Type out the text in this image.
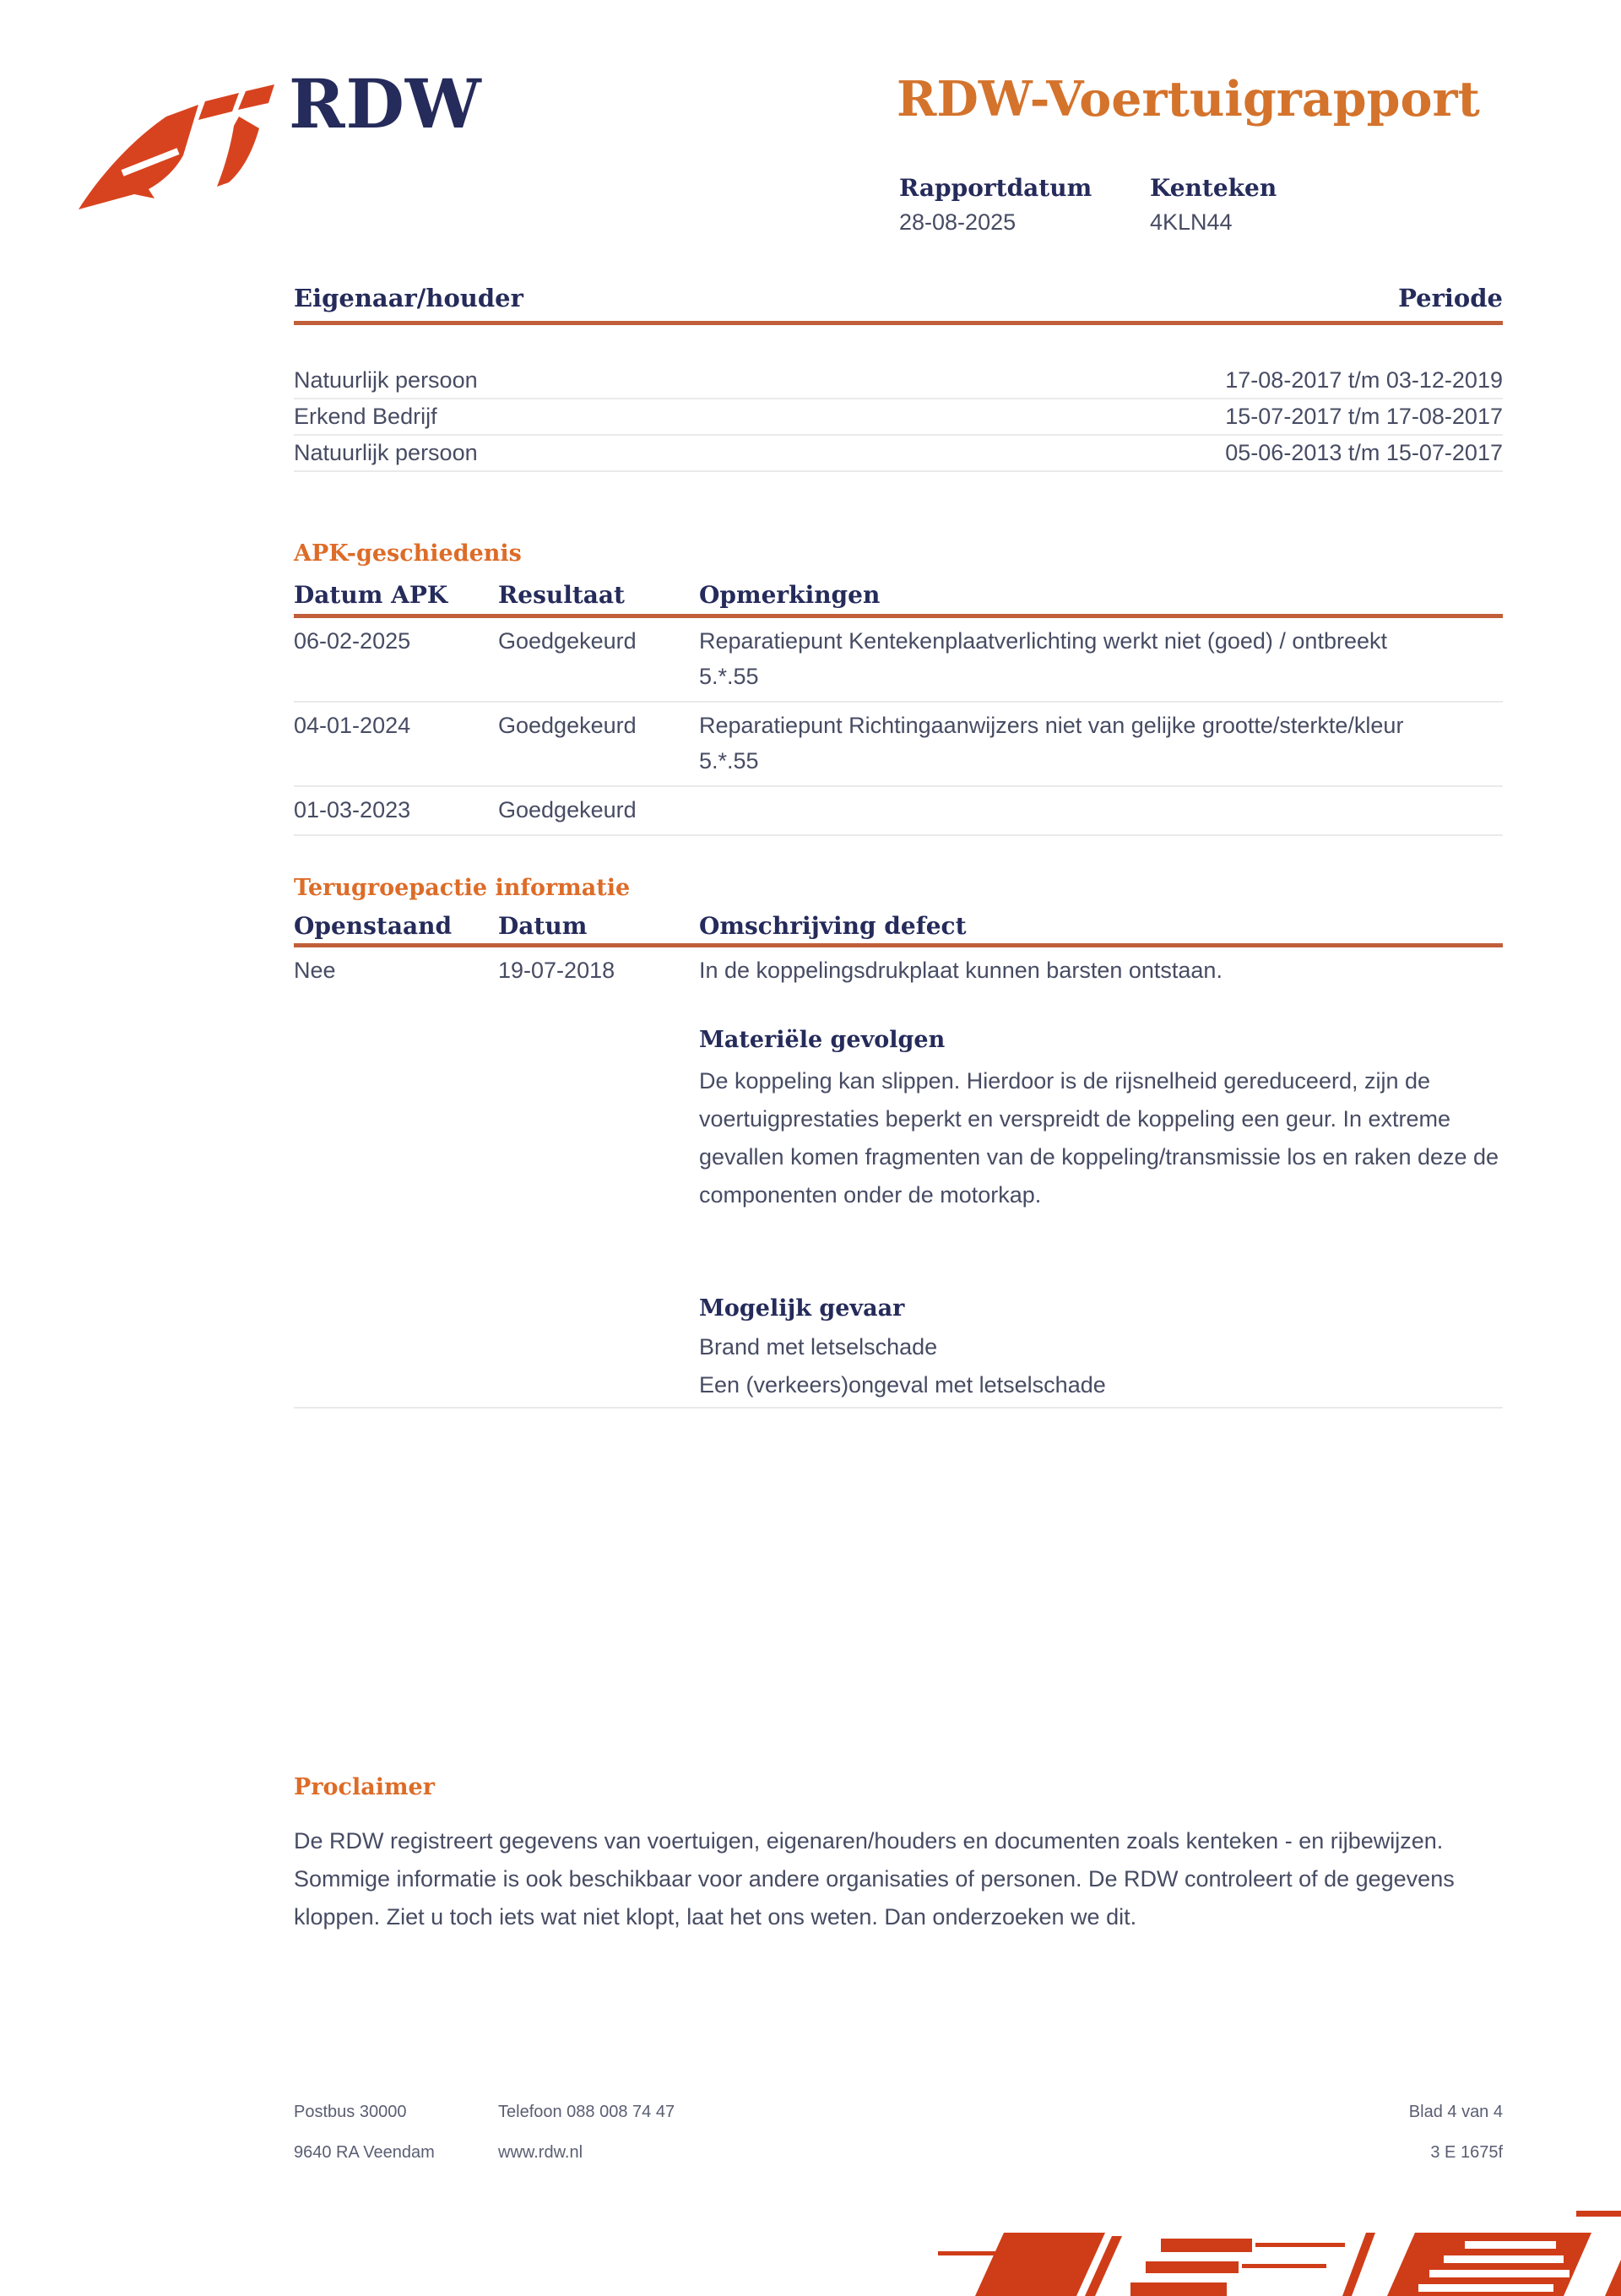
RDW	RDW-Voertuigrapport
Rapportdatum Kenteken
28-08-2025	4KLN44
Eigenaar/houder	Periode
Natuurlijk persoon	17-08-2017 t/m 03-12-2019
Erkend Bedrijf	15-07-2017 t/m 17-08-2017
Natuurlijk persoon	05-06-2013 t/m 15-07-2017
APK-geschiedenis
Datum APK Resultaat	Opmerkingen
06-02-2025	Goedgekeurd	Reparatiepunt Kentekenplaatverlichting werkt niet (goed) / ontbreekt 5.*.55
04-01-2024	Goedgekeurd	Reparatiepunt Richtingaanwijzers niet van gelijke grootte/sterkte/kleur 5.*.55
01-03-2023	Goedgekeurd
Terugroepactie informatie
Openstaand Datum	Omschrijving defect
Nee	19-07-2018	In de koppelingsdrukplaat kunnen barsten ontstaan.
Materiële gevolgen
De koppeling kan slippen. Hierdoor is de rijsnelheid gereduceerd, zijn de voertuigprestaties beperkt en verspreidt de koppeling een geur. In extreme gevallen komen fragmenten van de koppeling/transmissie los en raken deze de componenten onder de motorkap.
Mogelijk gevaar
Brand met letselschade
Een (verkeers)ongeval met letselschade
Proclaimer
De RDW registreert gegevens van voertuigen, eigenaren/houders en documenten zoals kenteken - en rijbewijzen. Sommige informatie is ook beschikbaar voor andere organisaties of personen. De RDW controleert of de gegevens kloppen. Ziet u toch iets wat niet klopt, laat het ons weten. Dan onderzoeken we dit.
Postbus 30000	Telefoon 088 008 74 47	Blad 4 van 4
9640 RA Veendam	www.rdw.nl	3 E 1675f
